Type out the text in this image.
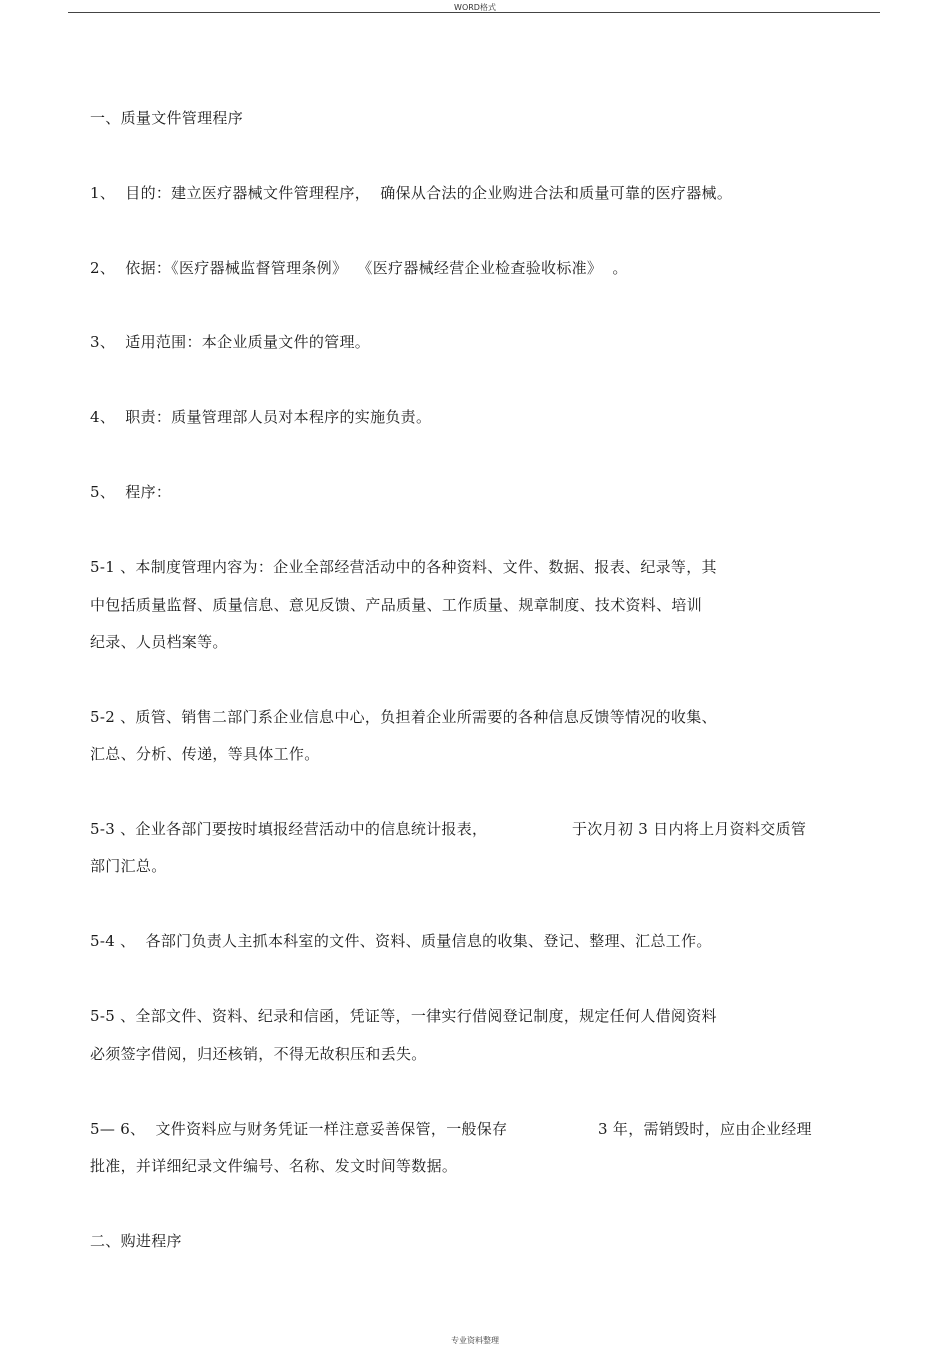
WORD格式
一、质量文件管理程序
1、  目的：建立医疗器械文件管理程序，  确保从合法的企业购进合法和质量可靠的医疗器械。
2、  依据：《医疗器械监督管理条例》  《医疗器械经营企业检查验收标准》  。
3、  适用范围：本企业质量文件的管理。
4、  职责：质量管理部人员对本程序的实施负责。
5、  程序：
5-1 、本制度管理内容为：企业全部经营活动中的各种资料、文件、数据、报表、纪录等，其
中包括质量监督、质量信息、意见反馈、产品质量、工作质量、规章制度、技术资料、培训
纪录、人员档案等。
5-2 、质管、销售二部门系企业信息中心，负担着企业所需要的各种信息反馈等情况的收集、
汇总、分析、传递，等具体工作。
5-3 、企业各部门要按时填报经营活动中的信息统计报表，	于次月初 3 日内将上月资料交质管
部门汇总。
5-4 、  各部门负责人主抓本科室的文件、资料、质量信息的收集、登记、整理、汇总工作。
5-5 、全部文件、资料、纪录和信函，凭证等，一律实行借阅登记制度，规定任何人借阅资料
必须签字借阅，归还核销，不得无故积压和丢失。
5— 6、  文件资料应与财务凭证一样注意妥善保管，一般保存	3 年，需销毁时，应由企业经理
批准，并详细纪录文件编号、名称、发文时间等数据。
二、购进程序
专业资料整理
